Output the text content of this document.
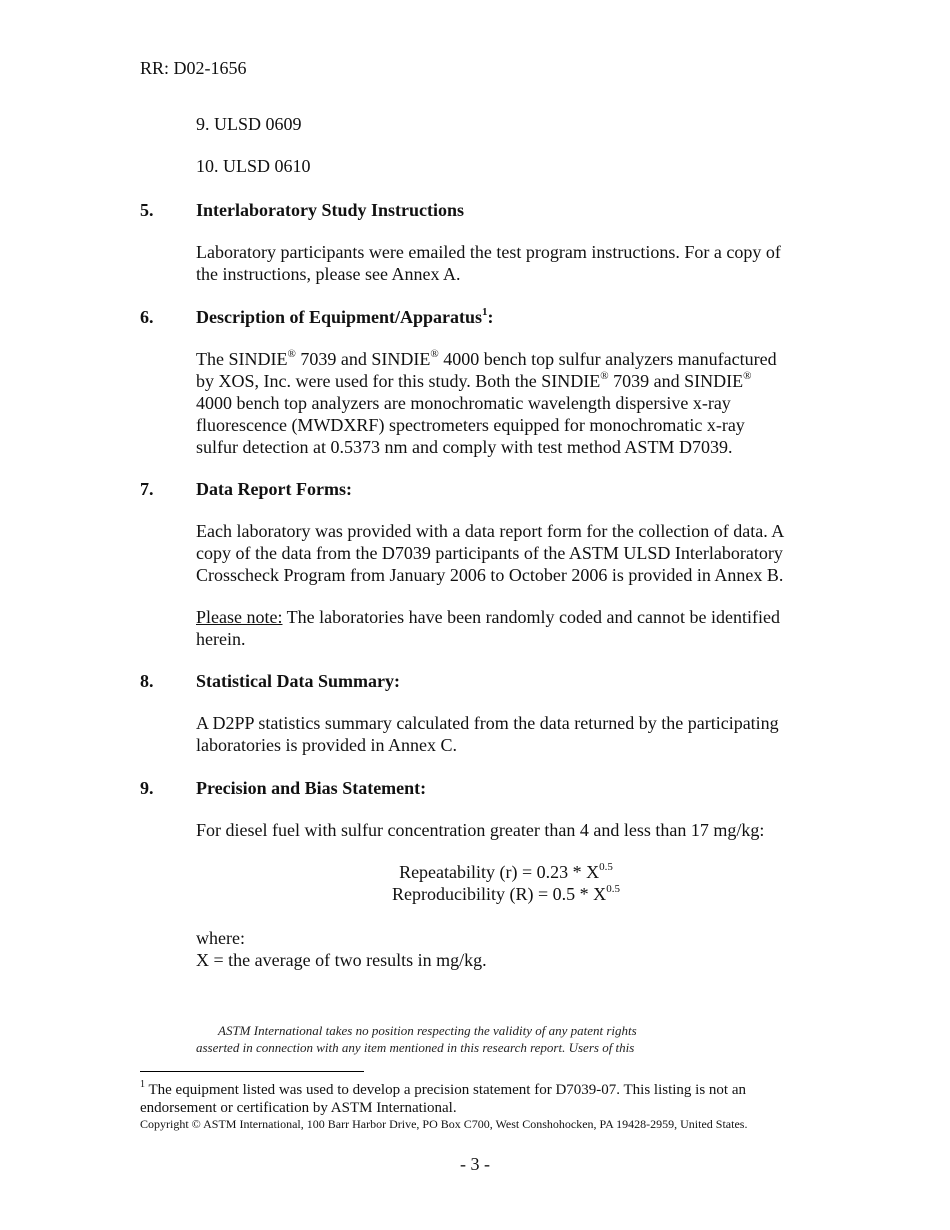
RR: D02-1656
9. ULSD 0609
10. ULSD 0610
5. Interlaboratory Study Instructions
Laboratory participants were emailed the test program instructions. For a copy of
the instructions, please see Annex A.
6. Description of Equipment/Apparatus$^1$:
The SINDIE® 7039 and SINDIE® 4000 bench top sulfur analyzers manufactured
by XOS, Inc. were used for this study. Both the SINDIE® 7039 and SINDIE®
4000 bench top analyzers are monochromatic wavelength dispersive x-ray
fluorescence (MWDXRF) spectrometers equipped for monochromatic x-ray
sulfur detection at 0.5373 nm and comply with test method ASTM D7039.
7. Data Report Forms:
Each laboratory was provided with a data report form for the collection of data. A
copy of the data from the D7039 participants of the ASTM ULSD Interlaboratory
Crosscheck Program from January 2006 to October 2006 is provided in Annex B.
Please note: The laboratories have been randomly coded and cannot be identified
herein.
8. Statistical Data Summary:
A D2PP statistics summary calculated from the data returned by the participating
laboratories is provided in Annex C.
9. Precision and Bias Statement:
For diesel fuel with sulfur concentration greater than 4 and less than 17 mg/kg:
Repeatability $(r) = 0.23 * X^{0.5}$
Reproducibility $(R) = 0.5 * X^{0.5}$
where:
X = the average of two results in mg/kg.
ASTM International takes no position respecting the validity of any patent rights
asserted in connection with any item mentioned in this research report. Users of this
$^1$ The equipment listed was used to develop a precision statement for D7039-07. This listing is not an
endorsement or certification by ASTM International.
Copyright © ASTM International, 100 Barr Harbor Drive, PO Box C700, West Conshohocken, PA 19428-2959, United States.
- 3 -
